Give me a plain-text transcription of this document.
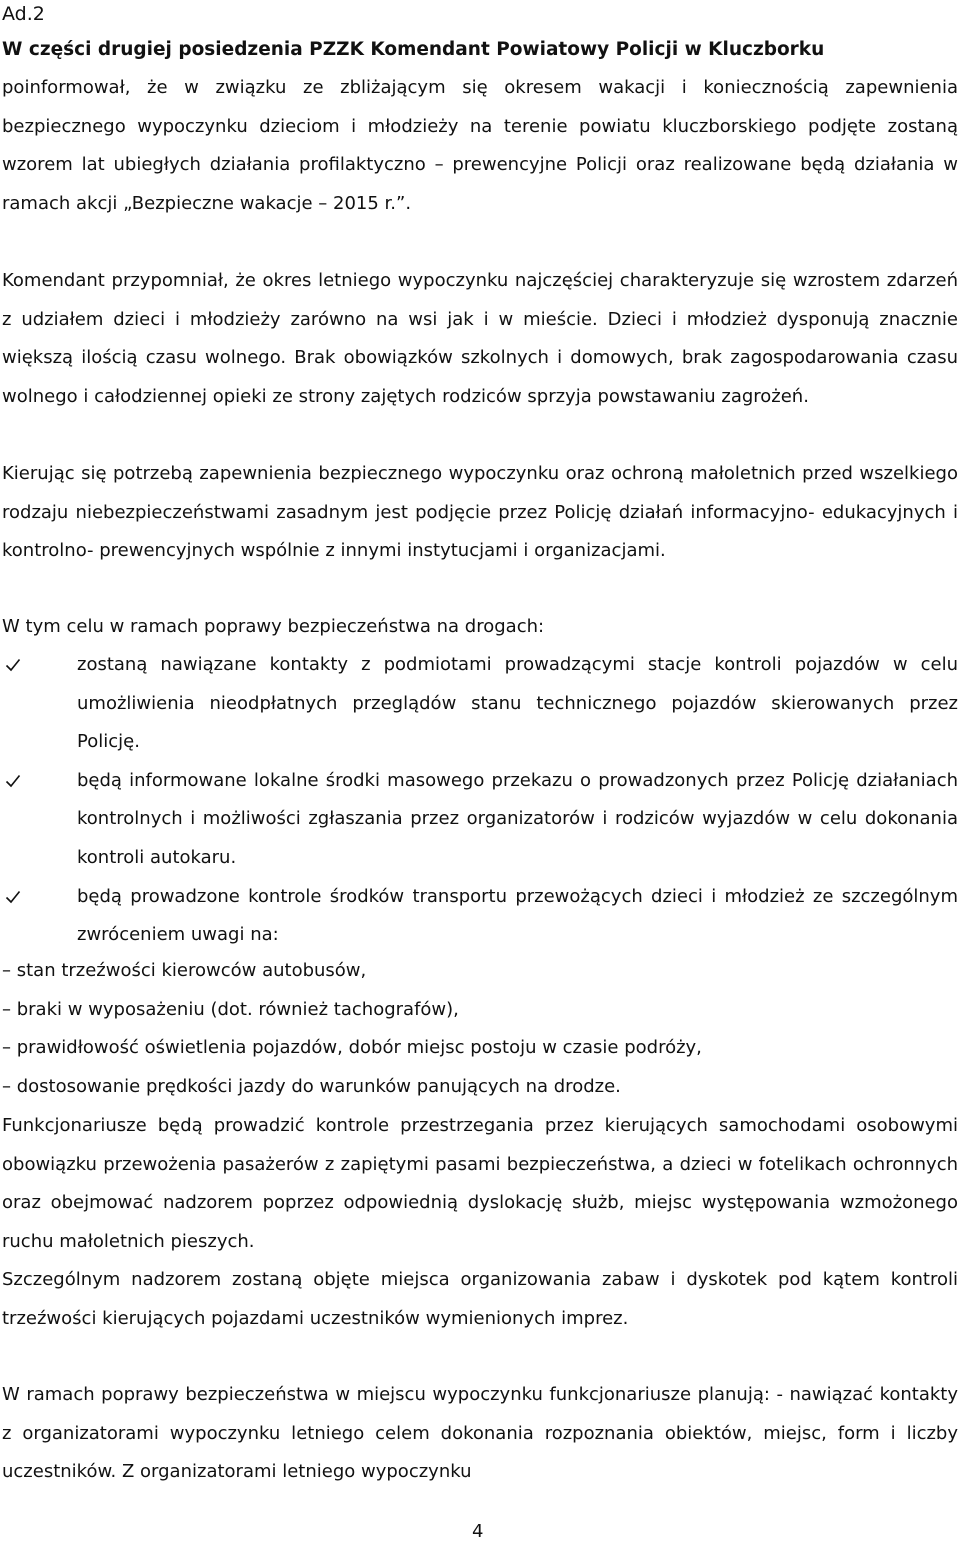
Ad.2
W części drugiej posiedzenia PZZK Komendant Powiatowy Policji w Kluczborku
poinformował, że w związku ze zbliżającym się okresem wakacji i koniecznością zapewnienia bezpiecznego wypoczynku dzieciom i młodzieży na terenie powiatu kluczborskiego podjęte zostaną wzorem lat ubiegłych działania profilaktyczno – prewencyjne Policji oraz realizowane będą działania w ramach akcji „Bezpieczne wakacje – 2015 r.”.
Komendant przypomniał, że okres letniego wypoczynku najczęściej charakteryzuje się wzrostem zdarzeń z udziałem dzieci i młodzieży zarówno na wsi jak i w mieście. Dzieci i młodzież dysponują znacznie większą ilością czasu wolnego. Brak obowiązków szkolnych i domowych, brak zagospodarowania czasu wolnego i całodziennej opieki ze strony zajętych rodziców sprzyja powstawaniu zagrożeń.
Kierując się potrzebą zapewnienia bezpiecznego wypoczynku oraz ochroną małoletnich przed wszelkiego rodzaju niebezpieczeństwami zasadnym jest podjęcie przez Policję działań informacyjno- edukacyjnych i kontrolno- prewencyjnych wspólnie z innymi instytucjami i organizacjami.
W tym celu w ramach poprawy bezpieczeństwa na drogach:
zostaną nawiązane kontakty z podmiotami prowadzącymi stacje kontroli pojazdów w celu umożliwienia nieodpłatnych przeglądów stanu technicznego pojazdów skierowanych przez Policję.
będą informowane lokalne środki masowego przekazu o prowadzonych przez Policję działaniach kontrolnych i możliwości zgłaszania przez organizatorów i rodziców wyjazdów w celu dokonania kontroli autokaru.
będą prowadzone kontrole środków transportu przewożących dzieci i młodzież ze szczególnym zwróceniem uwagi na:
– stan trzeźwości kierowców autobusów,
– braki w wyposażeniu (dot. również tachografów),
– prawidłowość oświetlenia pojazdów, dobór miejsc postoju w czasie podróży,
– dostosowanie prędkości jazdy do warunków panujących na drodze.
Funkcjonariusze będą prowadzić kontrole przestrzegania przez kierujących samochodami osobowymi obowiązku przewożenia pasażerów z zapiętymi pasami bezpieczeństwa, a dzieci w fotelikach ochronnych oraz obejmować nadzorem poprzez odpowiednią dyslokację służb, miejsc występowania wzmożonego ruchu małoletnich pieszych.
Szczególnym nadzorem zostaną objęte miejsca organizowania zabaw i dyskotek pod kątem kontroli trzeźwości kierujących pojazdami uczestników wymienionych imprez.
W ramach poprawy bezpieczeństwa w miejscu wypoczynku funkcjonariusze planują: - nawiązać kontakty z organizatorami wypoczynku letniego celem dokonania rozpoznania obiektów, miejsc, form i liczby uczestników. Z organizatorami letniego wypoczynku
4
